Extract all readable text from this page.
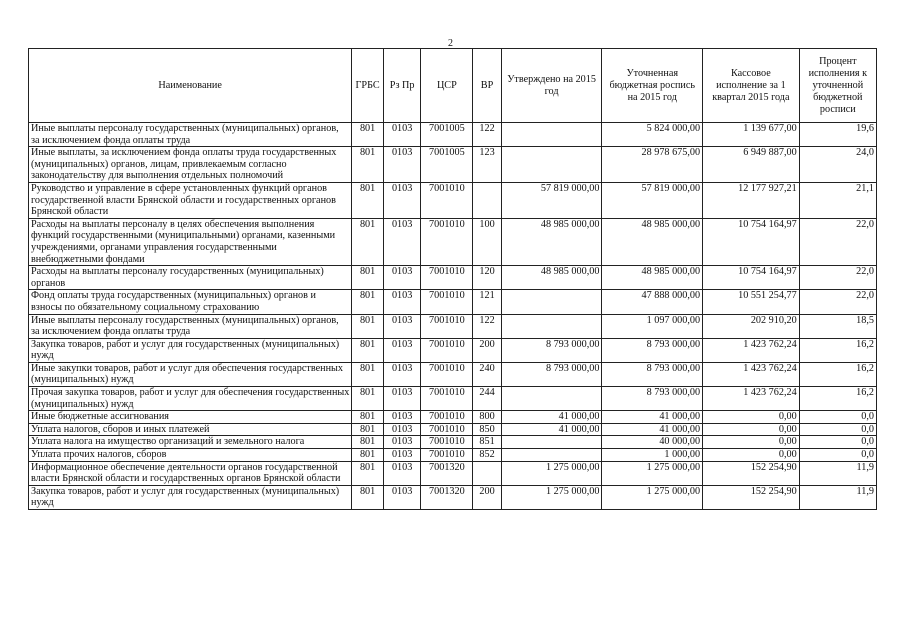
2
Наименование	ГРБС	Рз Пр	ЦСР	ВР	Утверждено на 2015 год	Уточненная бюджетная роспись на 2015 год	Кассовое исполнение за 1 квартал 2015 года	Процент исполнения к уточненной бюджетной росписи
Иные выплаты персоналу государственных (муниципальных) органов, за исключением фонда оплаты труда	801	0103	7001005	122		5 824 000,00	1 139 677,00	19,6
Иные выплаты, за исключением фонда оплаты труда государственных (муниципальных) органов, лицам, привлекаемым согласно законодательству для выполнения отдельных полномочий	801	0103	7001005	123		28 978 675,00	6 949 887,00	24,0
Руководство и управление в сфере установленных функций органов государственной власти Брянской области и государственных органов Брянской области	801	0103	7001010		57 819 000,00	57 819 000,00	12 177 927,21	21,1
Расходы на выплаты персоналу в целях обеспечения выполнения функций государственными (муниципальными) органами, казенными учреждениями, органами управления государственными внебюджетными фондами	801	0103	7001010	100	48 985 000,00	48 985 000,00	10 754 164,97	22,0
Расходы на выплаты персоналу государственных (муниципальных) органов	801	0103	7001010	120	48 985 000,00	48 985 000,00	10 754 164,97	22,0
Фонд оплаты труда государственных (муниципальных) органов и взносы по обязательному социальному страхованию	801	0103	7001010	121		47 888 000,00	10 551 254,77	22,0
Иные выплаты персоналу государственных (муниципальных) органов, за исключением фонда оплаты труда	801	0103	7001010	122		1 097 000,00	202 910,20	18,5
Закупка товаров, работ и услуг для государственных (муниципальных) нужд	801	0103	7001010	200	8 793 000,00	8 793 000,00	1 423 762,24	16,2
Иные закупки товаров, работ и услуг для обеспечения государственных (муниципальных) нужд	801	0103	7001010	240	8 793 000,00	8 793 000,00	1 423 762,24	16,2
Прочая закупка товаров, работ и услуг для обеспечения государственных (муниципальных) нужд	801	0103	7001010	244		8 793 000,00	1 423 762,24	16,2
Иные бюджетные ассигнования	801	0103	7001010	800	41 000,00	41 000,00	0,00	0,0
Уплата налогов, сборов и иных платежей	801	0103	7001010	850	41 000,00	41 000,00	0,00	0,0
Уплата налога на имущество организаций и земельного налога	801	0103	7001010	851		40 000,00	0,00	0,0
Уплата прочих налогов, сборов	801	0103	7001010	852		1 000,00	0,00	0,0
Информационное обеспечение деятельности органов государственной власти Брянской области и государственных органов Брянской области	801	0103	7001320		1 275 000,00	1 275 000,00	152 254,90	11,9
Закупка товаров, работ и услуг для государственных (муниципальных) нужд	801	0103	7001320	200	1 275 000,00	1 275 000,00	152 254,90	11,9
